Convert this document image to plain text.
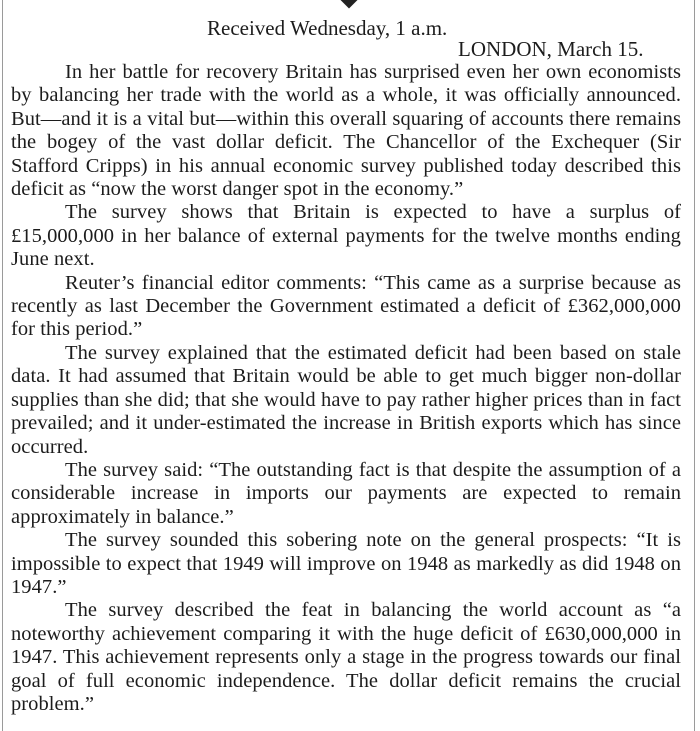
Received Wednesday, 1 a.m.
LONDON, March 15.

In her battle for recovery Britain has surprised even her own economists by balancing her trade with the world as a whole, it was officially announced. But—and it is a vital but—within this overall squaring of accounts there remains the bogey of the vast dollar deficit. The Chancellor of the Exchequer (Sir Stafford Cripps) in his annual economic survey published today described this deficit as “now the worst danger spot in the economy.”

The survey shows that Britain is expected to have a surplus of £15,000,000 in her balance of external payments for the twelve months ending June next.

Reuter’s financial editor comments: “This came as a surprise because as recently as last December the Government estimated a deficit of £362,000,000 for this period.”

The survey explained that the estimated deficit had been based on stale data. It had assumed that Britain would be able to get much bigger non-dollar supplies than she did; that she would have to pay rather higher prices than in fact prevailed; and it under-estimated the increase in British exports which has since occurred.

The survey said: “The outstanding fact is that despite the assumption of a considerable increase in imports our payments are expected to remain approximately in balance.”

The survey sounded this sobering note on the general prospects: “It is impossible to expect that 1949 will improve on 1948 as markedly as did 1948 on 1947.”

The survey described the feat in balancing the world account as “a noteworthy achievement comparing it with the huge deficit of £630,000,000 in 1947. This achievement represents only a stage in the progress towards our final goal of full economic independence. The dollar deficit remains the crucial problem.”
